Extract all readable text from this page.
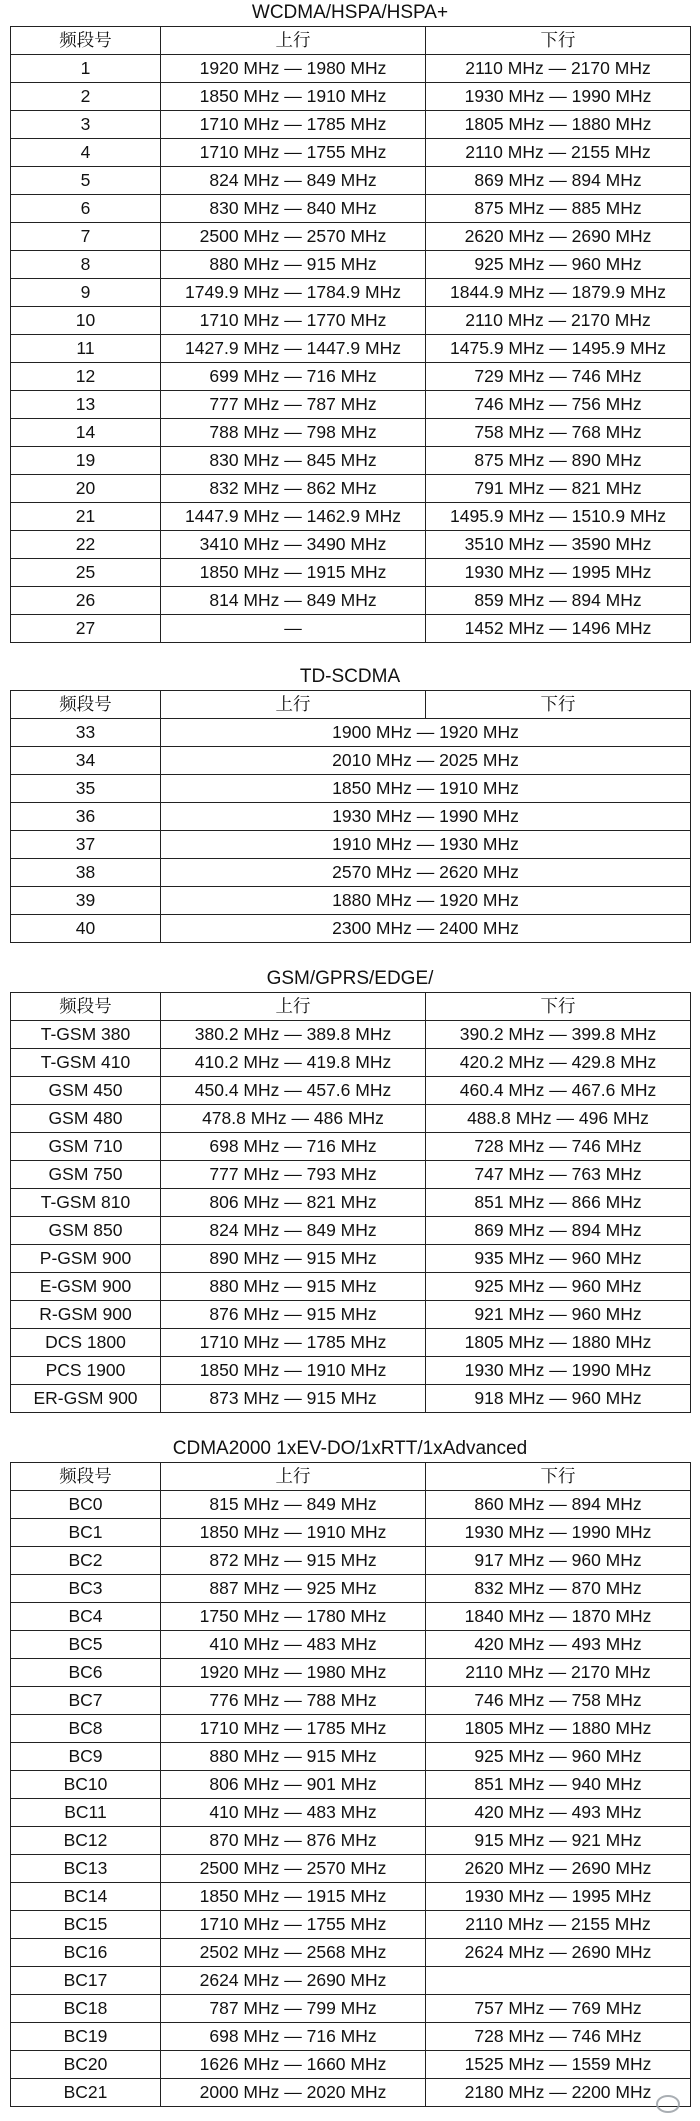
WCDMA/HSPA/HSPA+
频段号	上行	下行
1	1920 MHz — 1980 MHz	2110 MHz — 2170 MHz
2	1850 MHz — 1910 MHz	1930 MHz — 1990 MHz
3	1710 MHz — 1785 MHz	1805 MHz — 1880 MHz
4	1710 MHz — 1755 MHz	2110 MHz — 2155 MHz
5	824 MHz — 849 MHz	869 MHz — 894 MHz
6	830 MHz — 840 MHz	875 MHz — 885 MHz
7	2500 MHz — 2570 MHz	2620 MHz — 2690 MHz
8	880 MHz — 915 MHz	925 MHz — 960 MHz
9	1749.9 MHz — 1784.9 MHz	1844.9 MHz — 1879.9 MHz
10	1710 MHz — 1770 MHz	2110 MHz — 2170 MHz
11	1427.9 MHz — 1447.9 MHz	1475.9 MHz — 1495.9 MHz
12	699 MHz — 716 MHz	729 MHz — 746 MHz
13	777 MHz — 787 MHz	746 MHz — 756 MHz
14	788 MHz — 798 MHz	758 MHz — 768 MHz
19	830 MHz — 845 MHz	875 MHz — 890 MHz
20	832 MHz — 862 MHz	791 MHz — 821 MHz
21	1447.9 MHz — 1462.9 MHz	1495.9 MHz — 1510.9 MHz
22	3410 MHz — 3490 MHz	3510 MHz — 3590 MHz
25	1850 MHz — 1915 MHz	1930 MHz — 1995 MHz
26	814 MHz — 849 MHz	859 MHz — 894 MHz
27	—	1452 MHz — 1496 MHz
TD-SCDMA
频段号	上行	下行
33	1900 MHz — 1920 MHz	
34	2010 MHz — 2025 MHz	
35	1850 MHz — 1910 MHz	
36	1930 MHz — 1990 MHz	
37	1910 MHz — 1930 MHz	
38	2570 MHz — 2620 MHz	
39	1880 MHz — 1920 MHz	
40	2300 MHz — 2400 MHz	
GSM/GPRS/EDGE/
频段号	上行	下行
T-GSM 380	380.2 MHz — 389.8 MHz	390.2 MHz — 399.8 MHz
T-GSM 410	410.2 MHz — 419.8 MHz	420.2 MHz — 429.8 MHz
GSM 450	450.4 MHz — 457.6 MHz	460.4 MHz — 467.6 MHz
GSM 480	478.8 MHz — 486 MHz	488.8 MHz — 496 MHz
GSM 710	698 MHz — 716 MHz	728 MHz — 746 MHz
GSM 750	777 MHz — 793 MHz	747 MHz — 763 MHz
T-GSM 810	806 MHz — 821 MHz	851 MHz — 866 MHz
GSM 850	824 MHz — 849 MHz	869 MHz — 894 MHz
P-GSM 900	890 MHz — 915 MHz	935 MHz — 960 MHz
E-GSM 900	880 MHz — 915 MHz	925 MHz — 960 MHz
R-GSM 900	876 MHz — 915 MHz	921 MHz — 960 MHz
DCS 1800	1710 MHz — 1785 MHz	1805 MHz — 1880 MHz
PCS 1900	1850 MHz — 1910 MHz	1930 MHz — 1990 MHz
ER-GSM 900	873 MHz — 915 MHz	918 MHz — 960 MHz
CDMA2000 1xEV-DO/1xRTT/1xAdvanced
频段号	上行	下行
BC0	815 MHz — 849 MHz	860 MHz — 894 MHz
BC1	1850 MHz — 1910 MHz	1930 MHz — 1990 MHz
BC2	872 MHz — 915 MHz	917 MHz — 960 MHz
BC3	887 MHz — 925 MHz	832 MHz — 870 MHz
BC4	1750 MHz — 1780 MHz	1840 MHz — 1870 MHz
BC5	410 MHz — 483 MHz	420 MHz — 493 MHz
BC6	1920 MHz — 1980 MHz	2110 MHz — 2170 MHz
BC7	776 MHz — 788 MHz	746 MHz — 758 MHz
BC8	1710 MHz — 1785 MHz	1805 MHz — 1880 MHz
BC9	880 MHz — 915 MHz	925 MHz — 960 MHz
BC10	806 MHz — 901 MHz	851 MHz — 940 MHz
BC11	410 MHz — 483 MHz	420 MHz — 493 MHz
BC12	870 MHz — 876 MHz	915 MHz — 921 MHz
BC13	2500 MHz — 2570 MHz	2620 MHz — 2690 MHz
BC14	1850 MHz — 1915 MHz	1930 MHz — 1995 MHz
BC15	1710 MHz — 1755 MHz	2110 MHz — 2155 MHz
BC16	2502 MHz — 2568 MHz	2624 MHz — 2690 MHz
BC17	2624 MHz — 2690 MHz	
BC18	787 MHz — 799 MHz	757 MHz — 769 MHz
BC19	698 MHz — 716 MHz	728 MHz — 746 MHz
BC20	1626 MHz — 1660 MHz	1525 MHz — 1559 MHz
BC21	2000 MHz — 2020 MHz	2180 MHz — 2200 MHz
